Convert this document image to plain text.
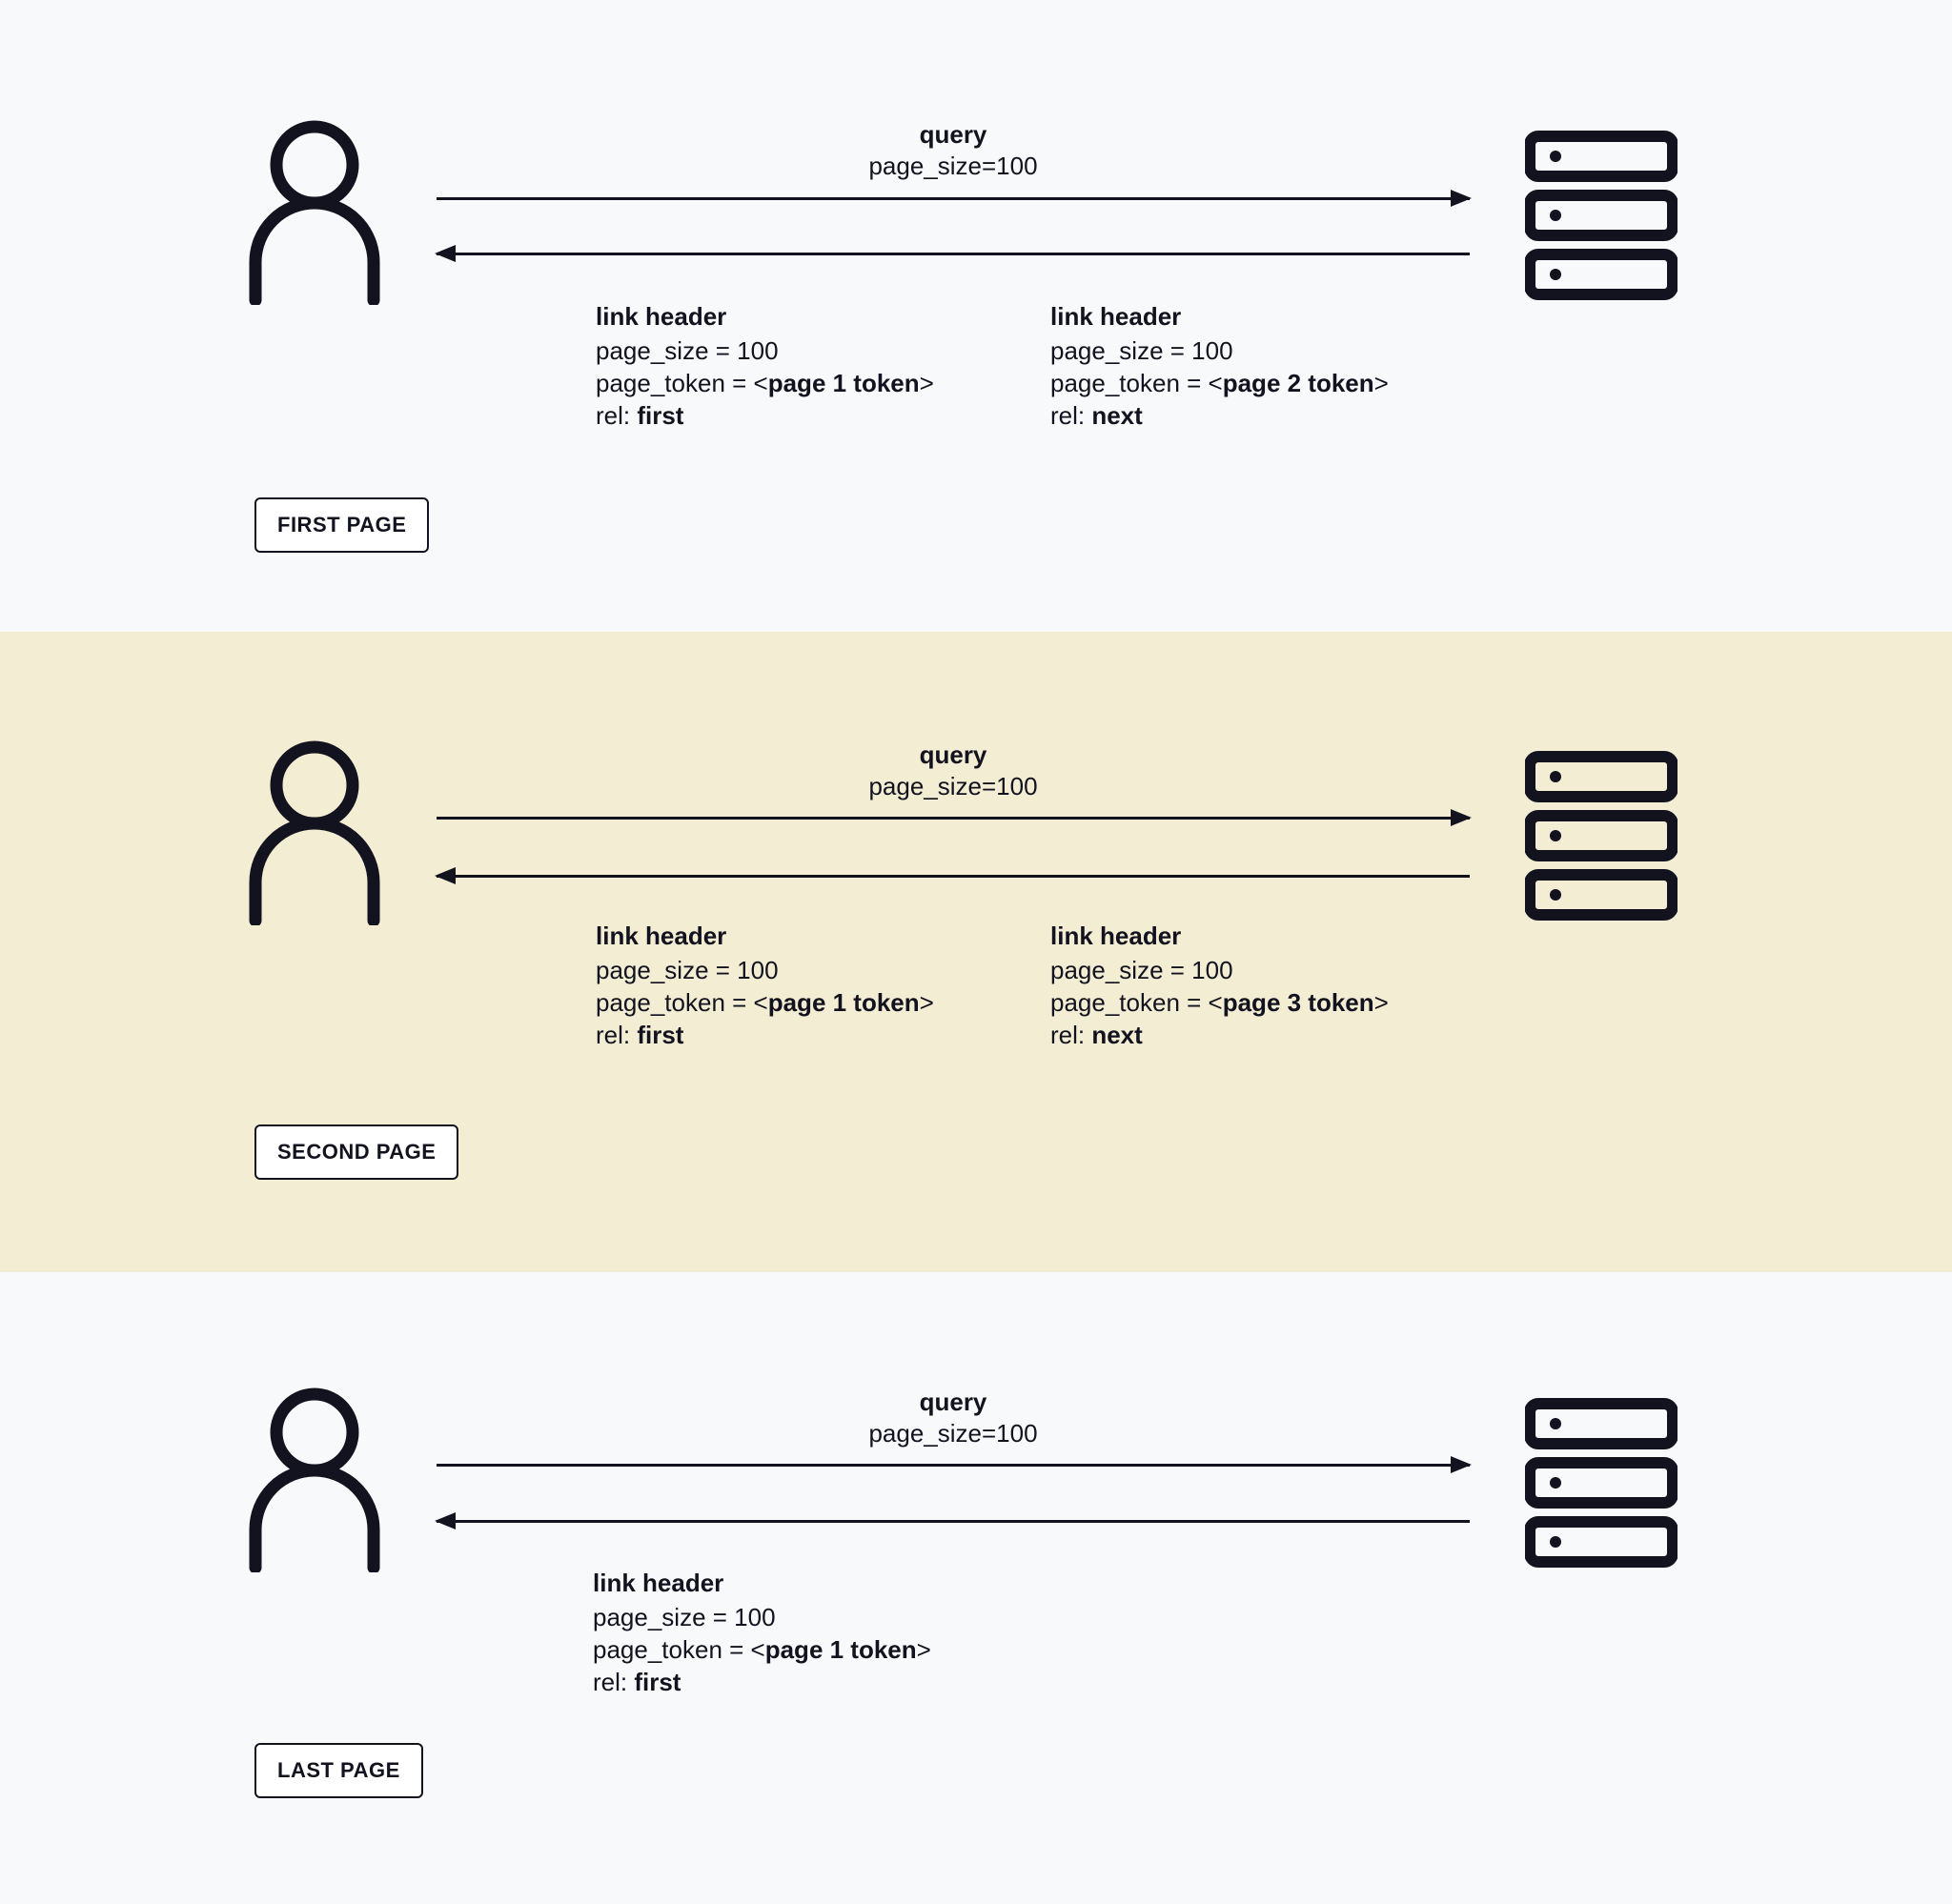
query
page_size=100
link header
page_size = 100
page_token = <page 1 token>
rel: first
link header
page_size = 100
page_token = <page 2 token>
rel: next
FIRST PAGE
query
page_size=100
link header
page_size = 100
page_token = <page 1 token>
rel: first
link header
page_size = 100
page_token = <page 3 token>
rel: next
SECOND PAGE
query
page_size=100
link header
page_size = 100
page_token = <page 1 token>
rel: first
LAST PAGE
